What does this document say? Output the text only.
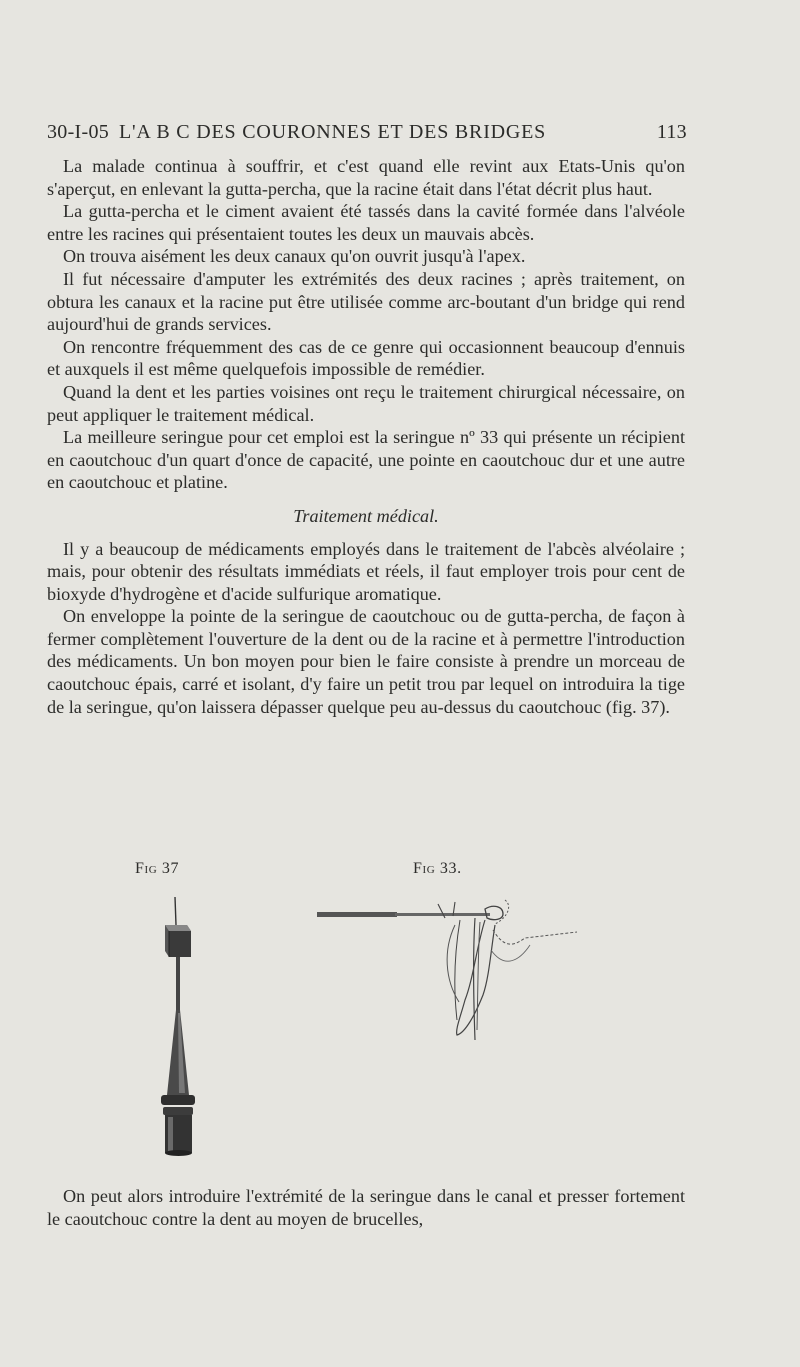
30-I-05 L'A B C DES COURONNES ET DES BRIDGES	113

La malade continua à souffrir, et c'est quand elle revint aux Etats-Unis qu'on s'aperçut, en enlevant la gutta-percha, que la racine était dans l'état décrit plus haut.

La gutta-percha et le ciment avaient été tassés dans la cavité formée dans l'alvéole entre les racines qui présentaient toutes les deux un mauvais abcès.

On trouva aisément les deux canaux qu'on ouvrit jusqu'à l'apex.

Il fut nécessaire d'amputer les extrémités des deux racines ; après traitement, on obtura les canaux et la racine put être utilisée comme arc-boutant d'un bridge qui rend aujourd'hui de grands services.

On rencontre fréquemment des cas de ce genre qui occasionnent beaucoup d'ennuis et auxquels il est même quelquefois impossible de remédier.

Quand la dent et les parties voisines ont reçu le traitement chirurgical nécessaire, on peut appliquer le traitement médical.

La meilleure seringue pour cet emploi est la seringue nº 33 qui présente un récipient en caoutchouc d'un quart d'once de capacité, une pointe en caoutchouc dur et une autre en caoutchouc et platine.

Traitement médical.

Il y a beaucoup de médicaments employés dans le traitement de l'abcès alvéolaire ; mais, pour obtenir des résultats immédiats et réels, il faut employer trois pour cent de bioxyde d'hydrogène et d'acide sulfurique aromatique.

On enveloppe la pointe de la seringue de caoutchouc ou de gutta-percha, de façon à fermer complètement l'ouverture de la dent ou de la racine et à permettre l'introduction des médicaments. Un bon moyen pour bien le faire consiste à prendre un morceau de caoutchouc épais, carré et isolant, d'y faire un petit trou par lequel on introduira la tige de la seringue, qu'on laissera dépasser quelque peu au-dessus du caoutchouc (fig. 37).

Fig 37	Fig 33.

On peut alors introduire l'extrémité de la seringue dans le canal et presser fortement le caoutchouc contre la dent au moyen de brucelles,
